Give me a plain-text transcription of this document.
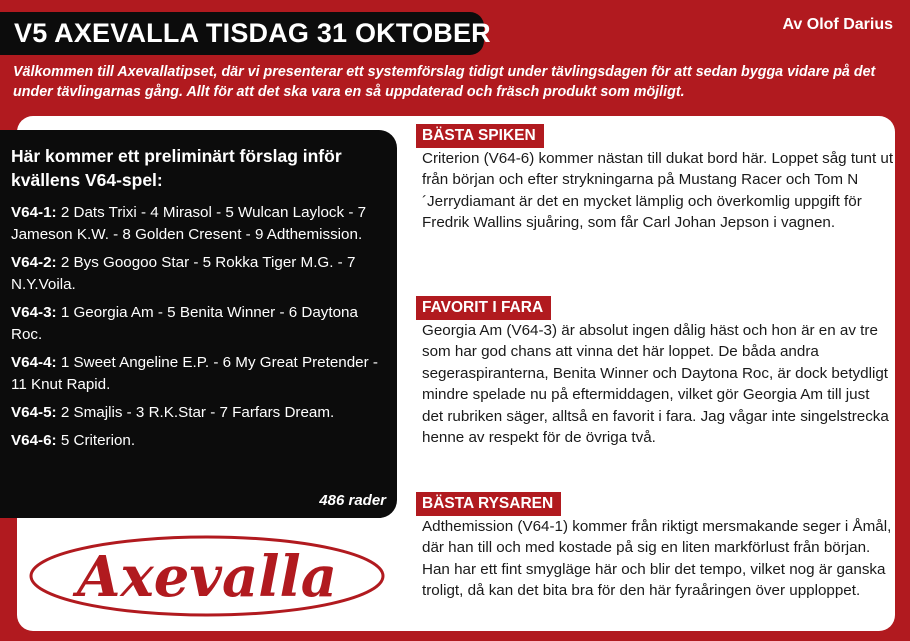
V5 AXEVALLA TISDAG 31 OKTOBER	Av Olof Darius
Välkommen till Axevallatipset, där vi presenterar ett systemförslag tidigt under tävlingsdagen för att sedan bygga vidare på det under tävlingarnas gång. Allt för att det ska vara en så uppdaterad och fräsch produkt som möjligt.
Här kommer ett preliminärt förslag inför kvällens V64-spel:
V64-1: 2 Dats Trixi - 4 Mirasol - 5 Wulcan Laylock - 7 Jameson K.W. - 8 Golden Cresent - 9 Adthemission.
V64-2: 2 Bys Googoo Star - 5 Rokka Tiger M.G. - 7 N.Y.Voila.
V64-3: 1 Georgia Am - 5 Benita Winner - 6 Daytona Roc.
V64-4: 1 Sweet Angeline E.P. - 6 My Great Pretender - 11 Knut Rapid.
V64-5: 2 Smajlis - 3 R.K.Star - 7 Farfars Dream.
V64-6: 5 Criterion.
486 rader
Axevalla
BÄSTA SPIKEN
Criterion (V64-6) kommer nästan till dukat bord här. Loppet såg tunt ut från början och efter strykningarna på Mustang Racer och Tom N´Jerrydiamant är det en mycket lämplig och överkomlig uppgift för Fredrik Wallins sjuåring, som får Carl Johan Jepson i vagnen.
FAVORIT I FARA
Georgia Am (V64-3) är absolut ingen dålig häst och hon är en av tre som har god chans att vinna det här loppet. De båda andra segeraspiranterna, Benita Winner och Daytona Roc, är dock betydligt mindre spelade nu på eftermiddagen, vilket gör Georgia Am till just det rubriken säger, alltså en favorit i fara. Jag vågar inte singelstrecka henne av respekt för de övriga två.
BÄSTA RYSAREN
Adthemission (V64-1) kommer från riktigt mersmakande seger i Åmål, där han till och med kostade på sig en liten markförlust från början. Han har ett fint smygläge här och blir det tempo, vilket nog är ganska troligt, då kan det bita bra för den här fyraåringen över upploppet.
